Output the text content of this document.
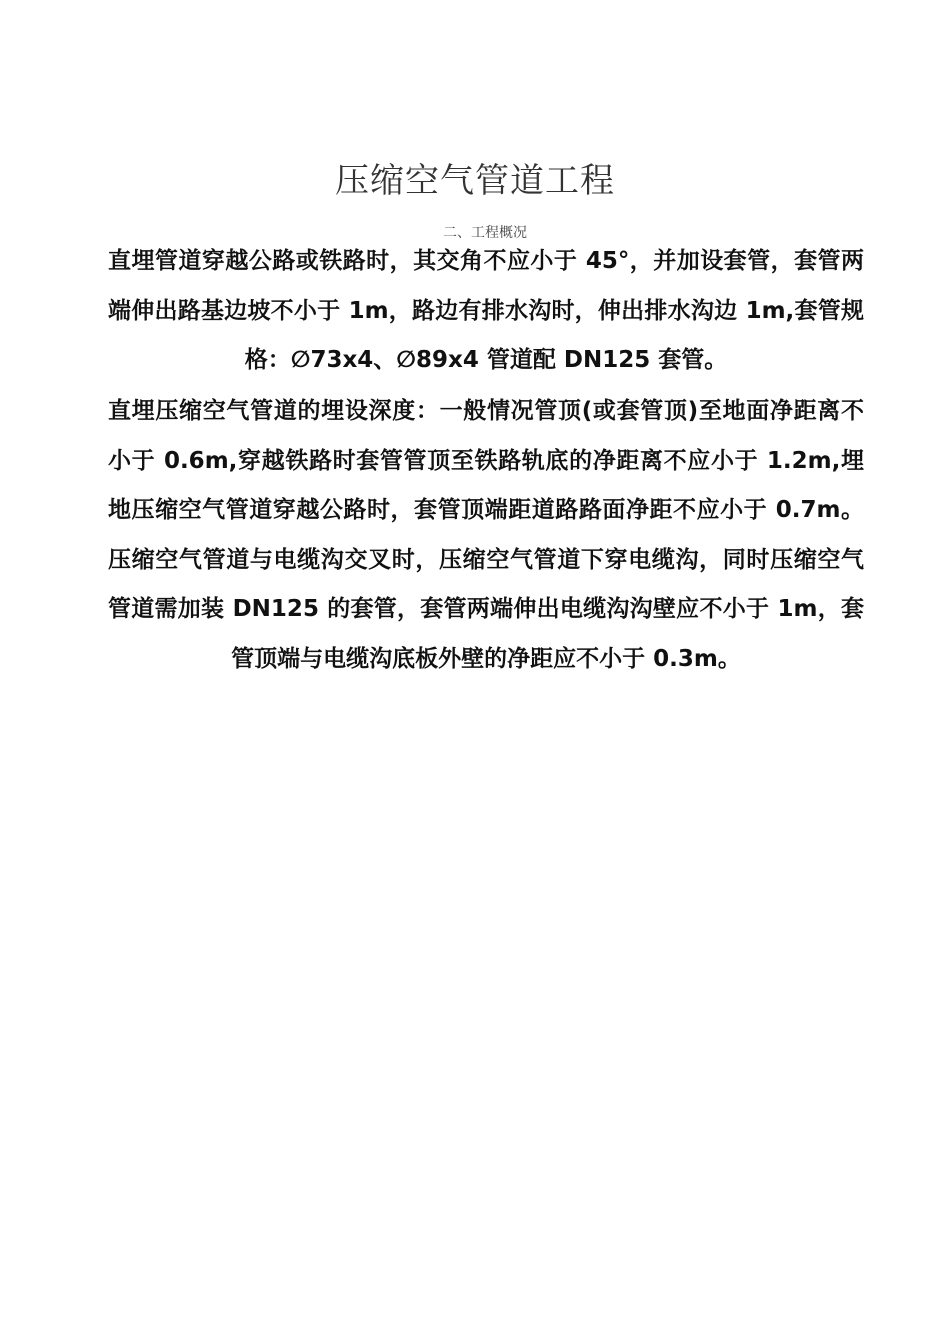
压缩空气管道工程
二、工程概况

直埋管道穿越公路或铁路时，其交角不应小于 45°，并加设套管，套管两端伸出路基边坡不小于 1m，路边有排水沟时，伸出排水沟边 1m,套管规格：∅73x4、∅89x4 管道配 DN125 套管。

直埋压缩空气管道的埋设深度：一般情况管顶(或套管顶)至地面净距离不小于 0.6m,穿越铁路时套管管顶至铁路轨底的净距离不应小于 1.2m,埋地压缩空气管道穿越公路时，套管顶端距道路路面净距不应小于 0.7m。压缩空气管道与电缆沟交叉时，压缩空气管道下穿电缆沟，同时压缩空气管道需加装 DN125 的套管，套管两端伸出电缆沟沟壁应不小于 1m，套管顶端与电缆沟底板外壁的净距应不小于 0.3m。
